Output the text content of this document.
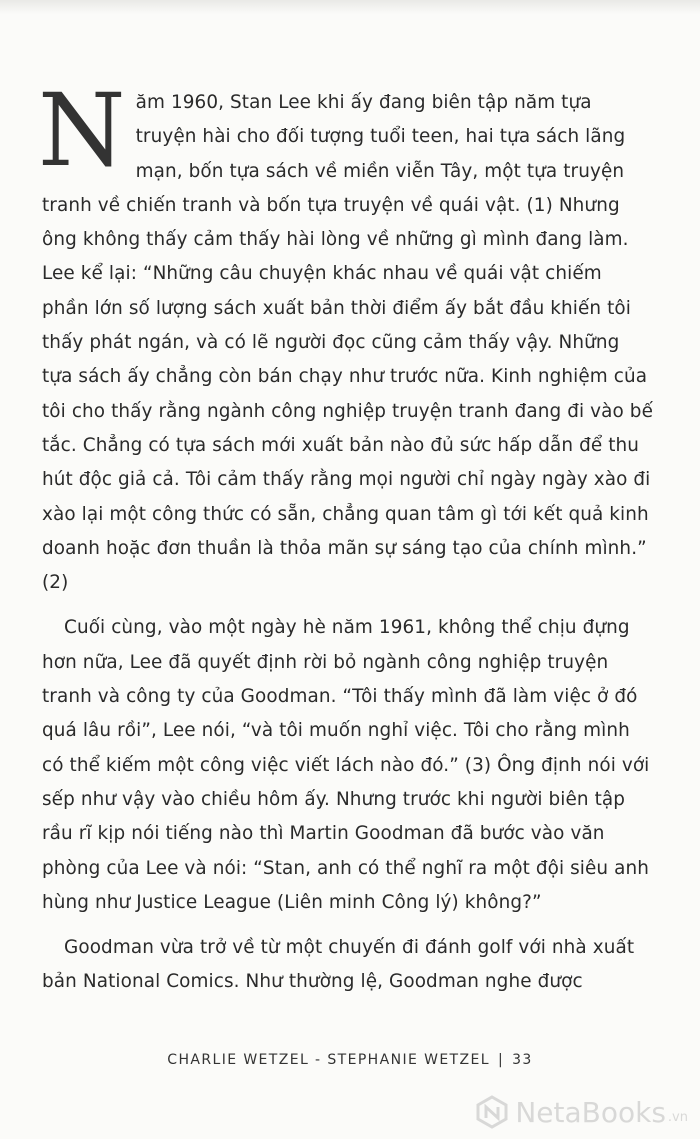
Năm 1960, Stan Lee khi ấy đang biên tập năm tựa truyện hài cho đối tượng tuổi teen, hai tựa sách lãng mạn, bốn tựa sách về miền viễn Tây, một tựa truyện tranh về chiến tranh và bốn tựa truyện về quái vật. (1) Nhưng ông không thấy cảm thấy hài lòng về những gì mình đang làm. Lee kể lại: “Những câu chuyện khác nhau về quái vật chiếm phần lớn số lượng sách xuất bản thời điểm ấy bắt đầu khiến tôi thấy phát ngán, và có lẽ người đọc cũng cảm thấy vậy. Những tựa sách ấy chẳng còn bán chạy như trước nữa. Kinh nghiệm của tôi cho thấy rằng ngành công nghiệp truyện tranh đang đi vào bế tắc. Chẳng có tựa sách mới xuất bản nào đủ sức hấp dẫn để thu hút độc giả cả. Tôi cảm thấy rằng mọi người chỉ ngày ngày xào đi xào lại một công thức có sẵn, chẳng quan tâm gì tới kết quả kinh doanh hoặc đơn thuần là thỏa mãn sự sáng tạo của chính mình.” (2)

Cuối cùng, vào một ngày hè năm 1961, không thể chịu đựng hơn nữa, Lee đã quyết định rời bỏ ngành công nghiệp truyện tranh và công ty của Goodman. “Tôi thấy mình đã làm việc ở đó quá lâu rồi”, Lee nói, “và tôi muốn nghỉ việc. Tôi cho rằng mình có thể kiếm một công việc viết lách nào đó.” (3) Ông định nói với sếp như vậy vào chiều hôm ấy. Nhưng trước khi người biên tập rầu rĩ kịp nói tiếng nào thì Martin Goodman đã bước vào văn phòng của Lee và nói: “Stan, anh có thể nghĩ ra một đội siêu anh hùng như Justice League (Liên minh Công lý) không?”

Goodman vừa trở về từ một chuyến đi đánh golf với nhà xuất bản National Comics. Như thường lệ, Goodman nghe được

CHARLIE WETZEL - STEPHANIE WETZEL | 33
NetaBooks .vn
